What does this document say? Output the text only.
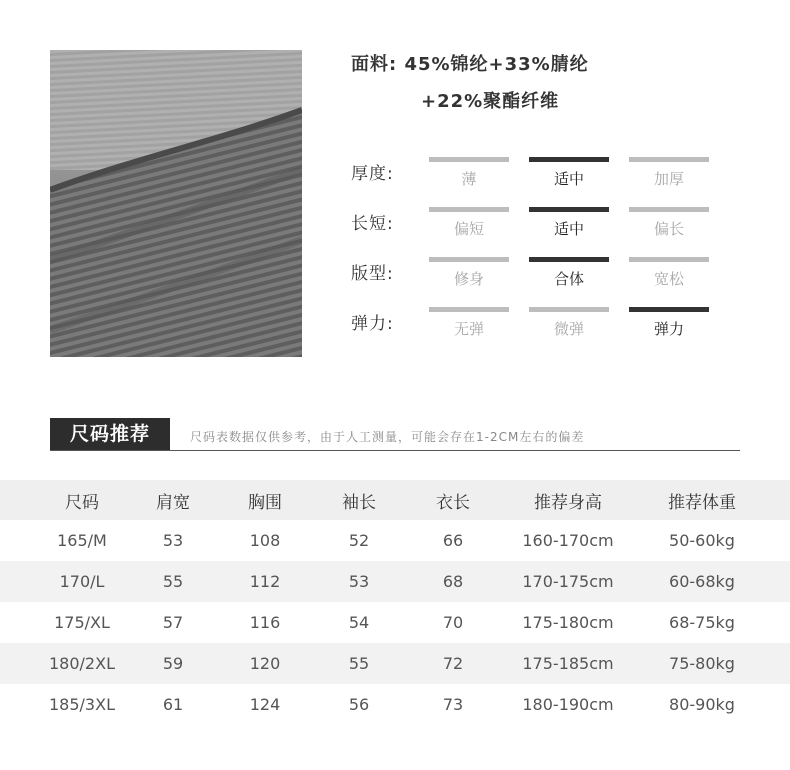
面料: 45%锦纶+33%腈纶
+22%聚酯纤维
厚度:	薄	适中	加厚
长短:	偏短	适中	偏长
版型:	修身	合体	宽松
弹力:	无弹	微弹	弹力
尺码推荐	尺码表数据仅供参考，由于人工测量，可能会存在1-2CM左右的偏差
尺码	肩宽	胸围	袖长	衣长	推荐身高	推荐体重
165/M	53	108	52	66	160-170cm	50-60kg
170/L	55	112	53	68	170-175cm	60-68kg
175/XL	57	116	54	70	175-180cm	68-75kg
180/2XL	59	120	55	72	175-185cm	75-80kg
185/3XL	61	124	56	73	180-190cm	80-90kg
